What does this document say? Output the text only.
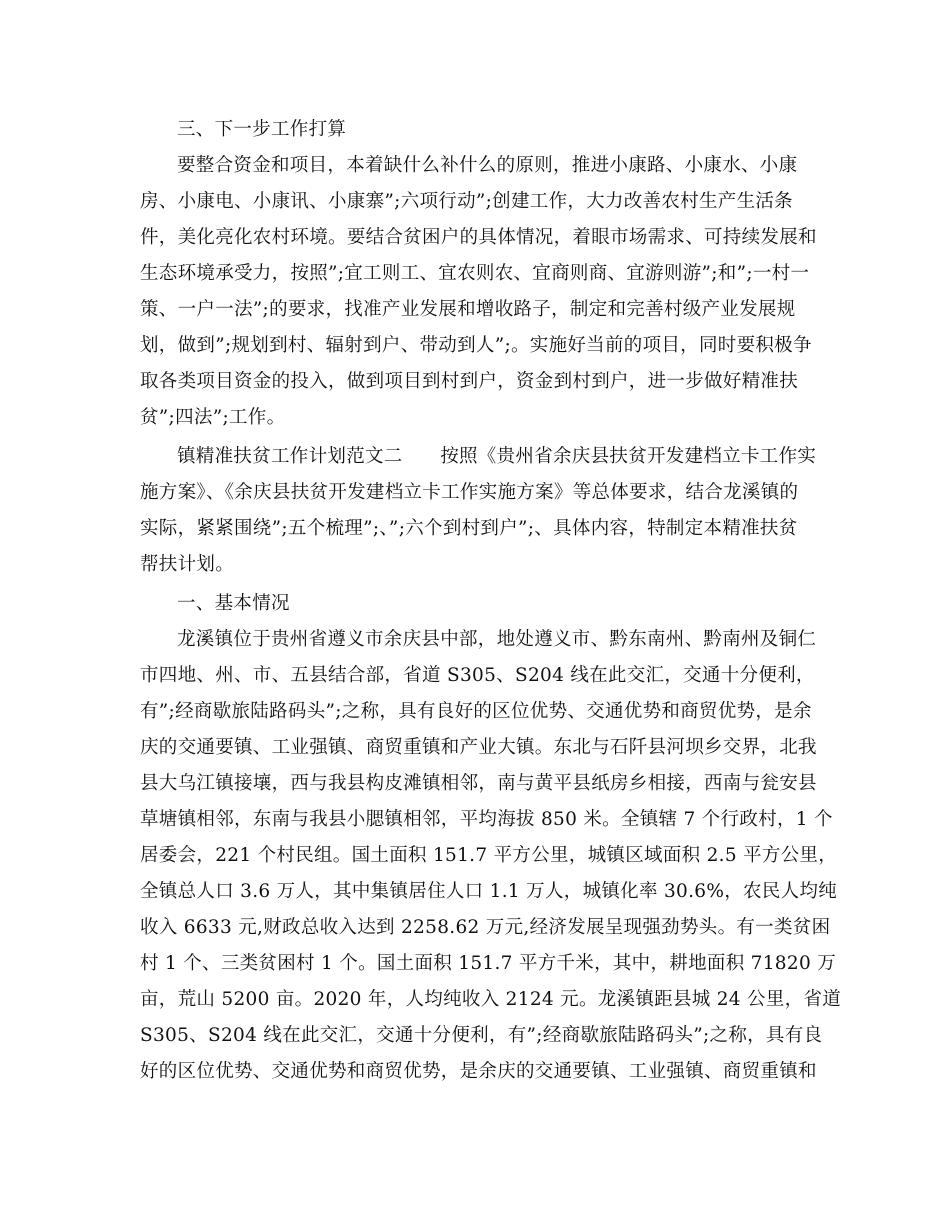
三、下一步工作打算
要整合资金和项目，本着缺什么补什么的原则，推进小康路、小康水、小康
房、小康电、小康讯、小康寨”;六项行动”;创建工作，大力改善农村生产生活条
件，美化亮化农村环境。要结合贫困户的具体情况，着眼市场需求、可持续发展和
生态环境承受力，按照”;宜工则工、宜农则农、宜商则商、宜游则游”;和”;一村一
策、一户一法”;的要求，找准产业发展和增收路子，制定和完善村级产业发展规
划，做到”;规划到村、辐射到户、带动到人”;。实施好当前的项目，同时要积极争
取各类项目资金的投入，做到项目到村到户，资金到村到户，进一步做好精准扶
贫”;四法”;工作。
镇精准扶贫工作计划范文二　　按照《贵州省余庆县扶贫开发建档立卡工作实
施方案》、《余庆县扶贫开发建档立卡工作实施方案》等总体要求，结合龙溪镇的
实际，紧紧围绕”;五个梳理”;、”;六个到村到户”;、具体内容，特制定本精准扶贫
帮扶计划。
一、基本情况
龙溪镇位于贵州省遵义市余庆县中部，地处遵义市、黔东南州、黔南州及铜仁
市四地、州、市、五县结合部，省道 S305、S204 线在此交汇，交通十分便利，
有”;经商歇旅陆路码头”;之称，具有良好的区位优势、交通优势和商贸优势，是余
庆的交通要镇、工业强镇、商贸重镇和产业大镇。东北与石阡县河坝乡交界，北我
县大乌江镇接壤，西与我县构皮滩镇相邻，南与黄平县纸房乡相接，西南与瓮安县
草塘镇相邻，东南与我县小腮镇相邻，平均海拔 850 米。全镇辖 7 个行政村，1 个
居委会，221 个村民组。国土面积 151.7 平方公里，城镇区域面积 2.5 平方公里，
全镇总人口 3.6 万人，其中集镇居住人口 1.1 万人，城镇化率 30.6%，农民人均纯
收入 6633 元,财政总收入达到 2258.62 万元,经济发展呈现强劲势头。有一类贫困
村 1 个、三类贫困村 1 个。国土面积 151.7 平方千米，其中，耕地面积 71820 万
亩，荒山 5200 亩。2020 年，人均纯收入 2124 元。龙溪镇距县城 24 公里，省道
S305、S204 线在此交汇，交通十分便利，有”;经商歇旅陆路码头”;之称，具有良
好的区位优势、交通优势和商贸优势，是余庆的交通要镇、工业强镇、商贸重镇和
